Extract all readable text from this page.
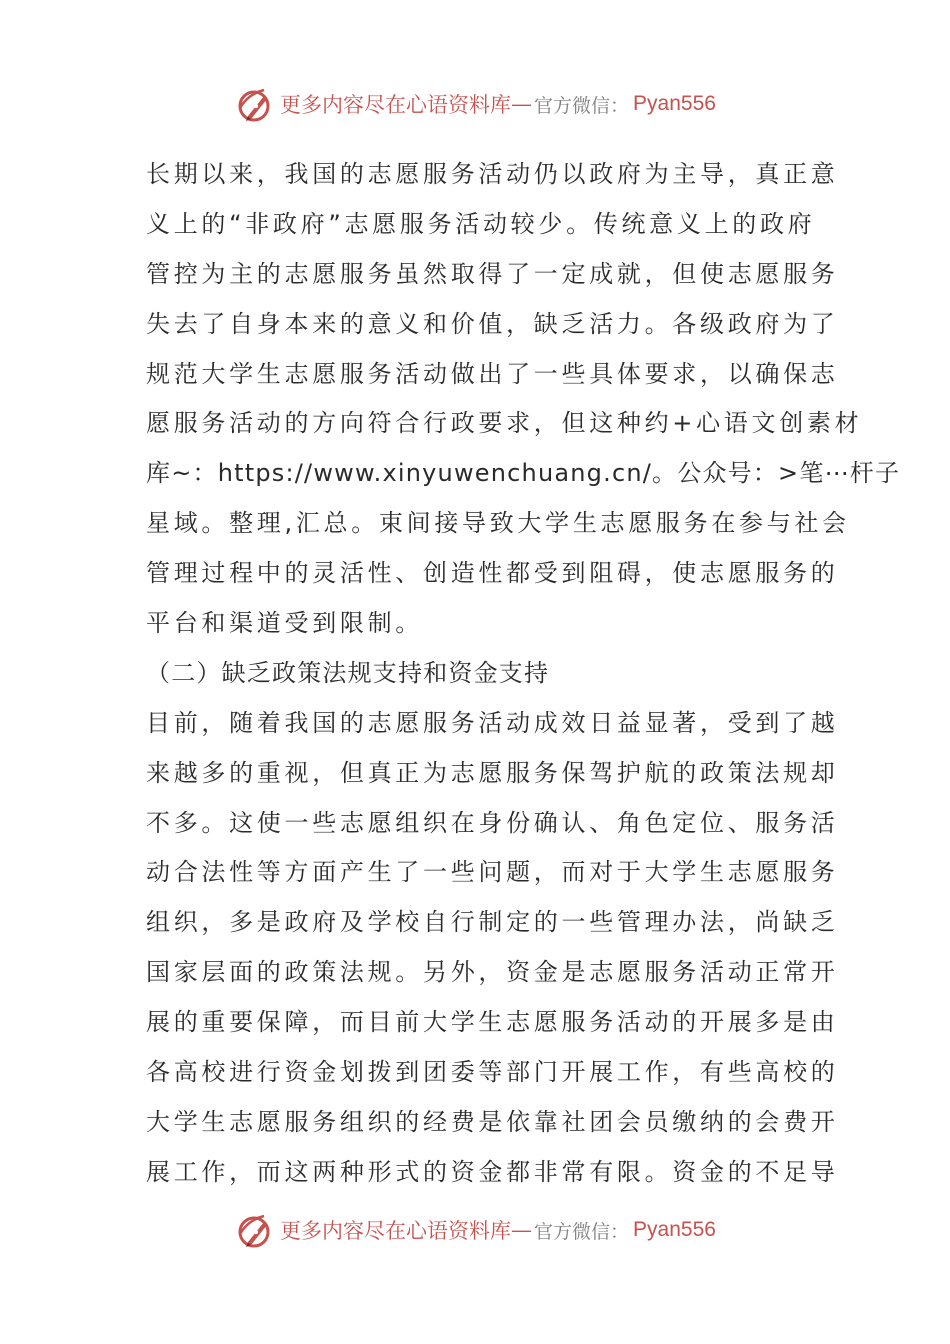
更多内容尽在心语资料库 — 官方微信： Pyan556
长期以来，我国的志愿服务活动仍以政府为主导，真正意
义上的“非政府”志愿服务活动较少。传统意义上的政府
管控为主的志愿服务虽然取得了一定成就，但使志愿服务
失去了自身本来的意义和价值，缺乏活力。各级政府为了
规范大学生志愿服务活动做出了一些具体要求，以确保志
愿服务活动的方向符合行政要求，但这种约+心语文创素材
库~：https://www.xinyuwenchuang.cn/。公众号：>笔⋯杆子
星域。整理,汇总。束间接导致大学生志愿服务在参与社会
管理过程中的灵活性、创造性都受到阻碍，使志愿服务的
平台和渠道受到限制。
（二）缺乏政策法规支持和资金支持
目前，随着我国的志愿服务活动成效日益显著，受到了越
来越多的重视，但真正为志愿服务保驾护航的政策法规却
不多。这使一些志愿组织在身份确认、角色定位、服务活
动合法性等方面产生了一些问题，而对于大学生志愿服务
组织，多是政府及学校自行制定的一些管理办法，尚缺乏
国家层面的政策法规。另外，资金是志愿服务活动正常开
展的重要保障，而目前大学生志愿服务活动的开展多是由
各高校进行资金划拨到团委等部门开展工作，有些高校的
大学生志愿服务组织的经费是依靠社团会员缴纳的会费开
展工作，而这两种形式的资金都非常有限。资金的不足导
更多内容尽在心语资料库 — 官方微信： Pyan556
